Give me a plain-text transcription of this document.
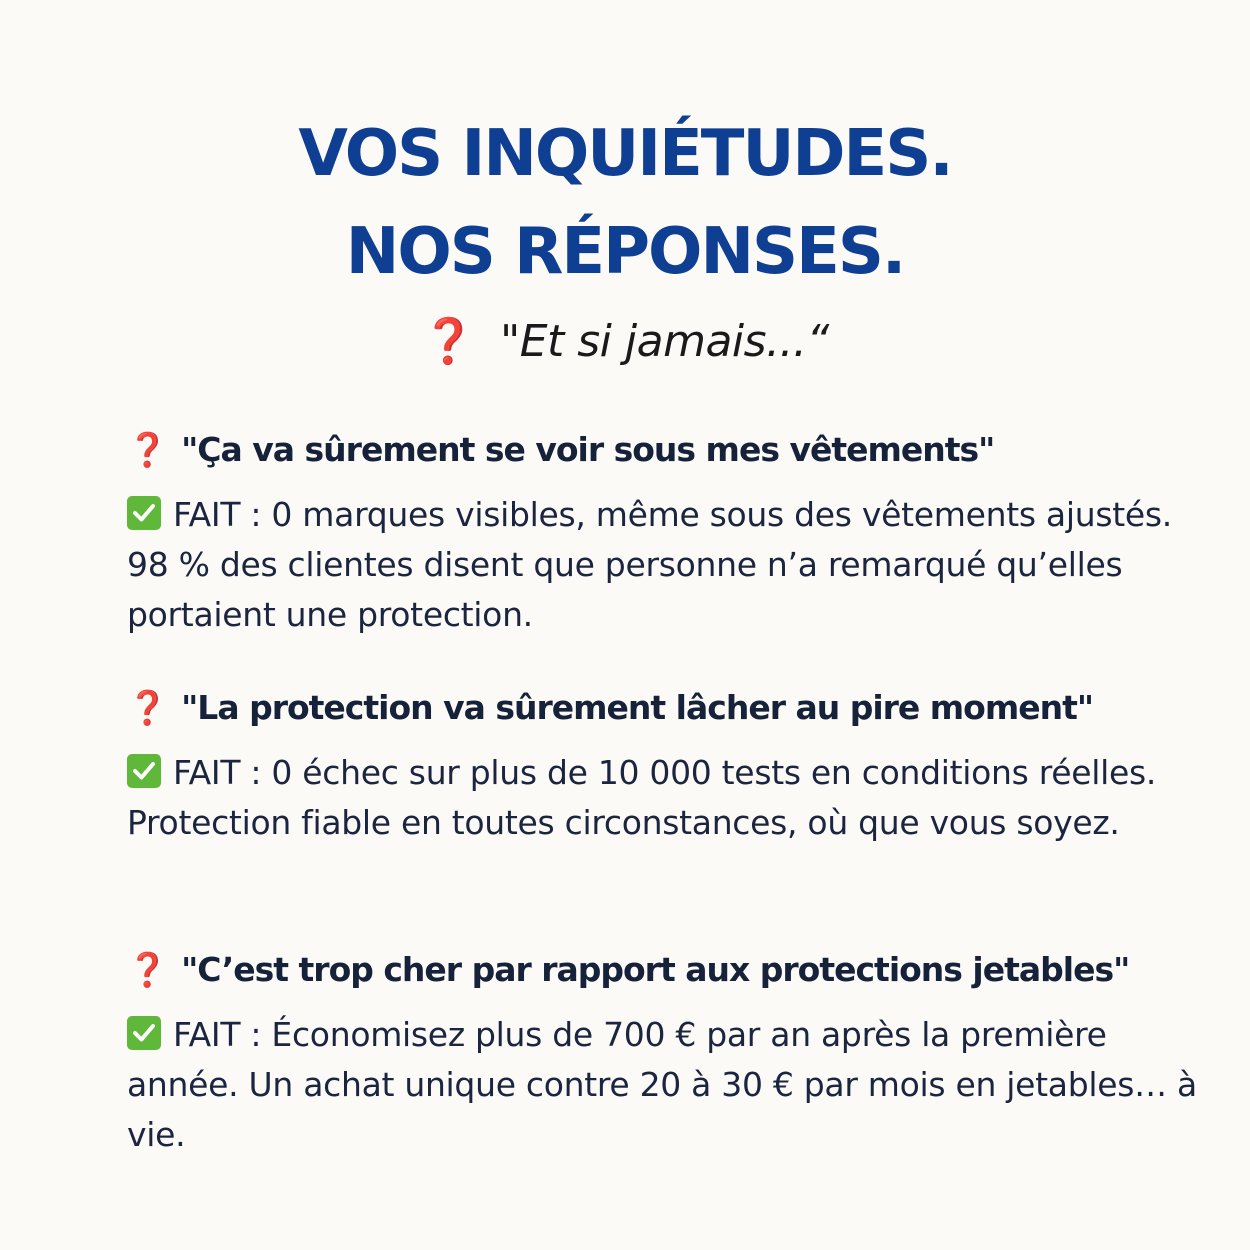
VOS INQUIÉTUDES.
NOS RÉPONSES.
❓ "Et si jamais...“
❓ "Ça va sûrement se voir sous mes vêtements"
FAIT : 0 marques visibles, même sous des vêtements ajustés. 98 % des clientes disent que personne n’a remarqué qu’elles portaient une protection.
❓ "La protection va sûrement lâcher au pire moment"
FAIT : 0 échec sur plus de 10 000 tests en conditions réelles. Protection fiable en toutes circonstances, où que vous soyez.
❓ "C’est trop cher par rapport aux protections jetables"
FAIT : Économisez plus de 700 € par an après la première année. Un achat unique contre 20 à 30 € par mois en jetables… à vie.
